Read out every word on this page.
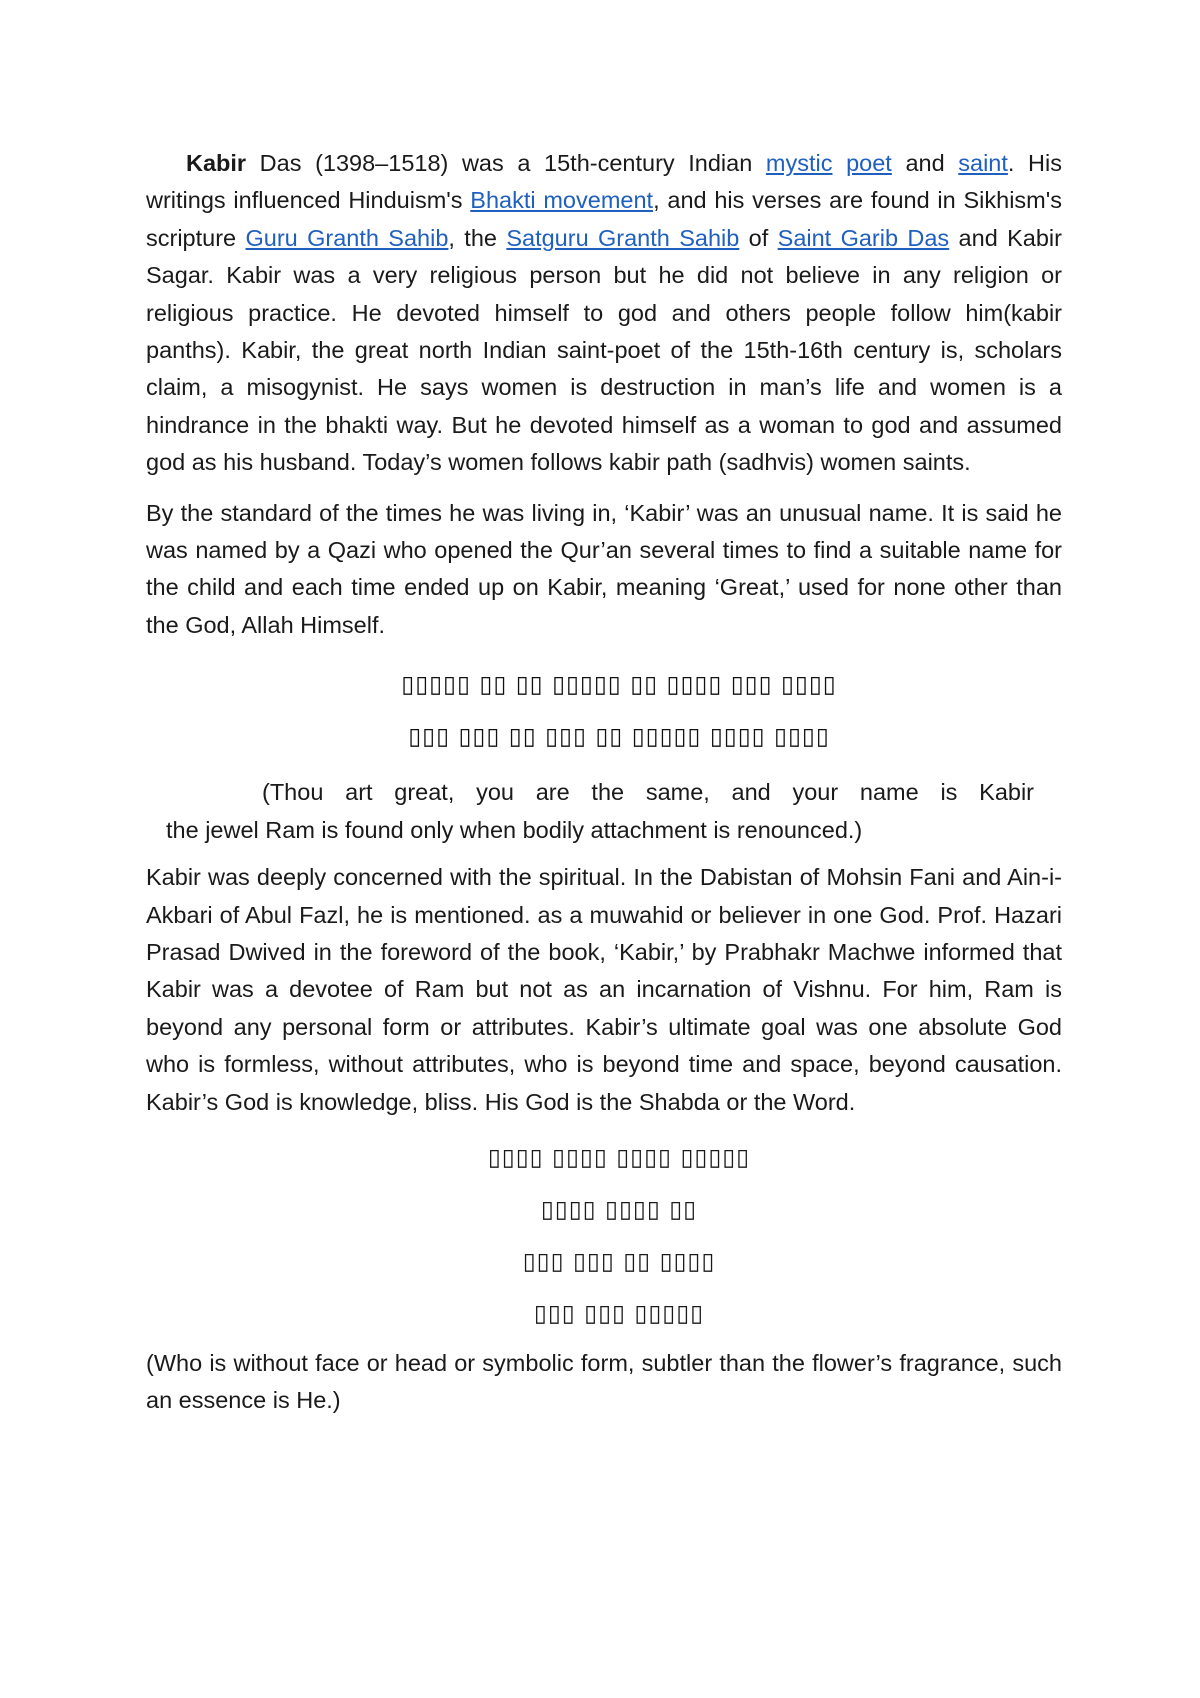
Kabir Das (1398–1518) was a 15th-century Indian mystic poet and saint. His writings influenced Hinduism's Bhakti movement, and his verses are found in Sikhism's scripture Guru Granth Sahib, the Satguru Granth Sahib of Saint Garib Das and Kabir Sagar. Kabir was a very religious person but he did not believe in any religion or religious practice. He devoted himself to god and others people follow him(kabir panths). Kabir, the great north Indian saint-poet of the 15th-16th century is, scholars claim, a misogynist. He says women is destruction in man’s life and women is a hindrance in the bhakti way. But he devoted himself as a woman to god and assumed god as his husband. Today’s women follows kabir path (sadhvis) women saints.

By the standard of the times he was living in, ‘Kabir’ was an unusual name. It is said he was named by a Qazi who opened the Qur’an several times to find a suitable name for the child and each time ended up on Kabir, meaning ‘Great,’ used for none other than the God, Allah Himself.

▯▯▯▯▯ ▯▯ ▯▯ ▯▯▯▯▯ ▯▯ ▯▯▯▯ ▯▯▯ ▯▯▯▯
▯▯▯ ▯▯▯ ▯▯ ▯▯▯ ▯▯ ▯▯▯▯▯ ▯▯▯▯ ▯▯▯▯

(Thou art great, you are the same, and your name is Kabir

the jewel Ram is found only when bodily attachment is renounced.)

Kabir was deeply concerned with the spiritual. In the Dabistan of Mohsin Fani and Ain-i-Akbari of Abul Fazl, he is mentioned. as a muwahid or believer in one God. Prof. Hazari Prasad Dwived in the foreword of the book, ‘Kabir,’ by Prabhakr Machwe informed that Kabir was a devotee of Ram but not as an incarnation of Vishnu. For him, Ram is beyond any personal form or attributes. Kabir’s ultimate goal was one absolute God who is formless, without attributes, who is beyond time and space, beyond causation. Kabir’s God is knowledge, bliss. His God is the Shabda or the Word.

▯▯▯▯ ▯▯▯▯ ▯▯▯▯ ▯▯▯▯▯
▯▯▯▯ ▯▯▯▯ ▯▯
▯▯▯ ▯▯▯ ▯▯ ▯▯▯▯
▯▯▯ ▯▯▯ ▯▯▯▯▯

(Who is without face or head or symbolic form, subtler than the flower’s fragrance, such an essence is He.)
